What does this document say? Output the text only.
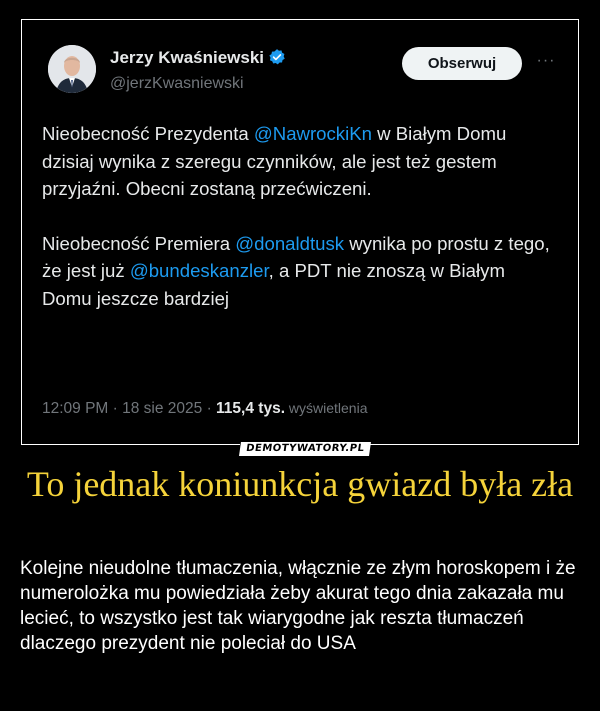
Jerzy Kwaśniewski
@jerzKwasniewski
Obserwuj	···

Nieobecność Prezydenta @NawrockiKn w Białym Domu dzisiaj wynika z szeregu czynników, ale jest też gestem przyjaźni. Obecni zostaną przećwiczeni.

Nieobecność Premiera @donaldtusk wynika po prostu z tego, że jest już @bundeskanzler, a PDT nie znoszą w Białym Domu jeszcze bardziej

12:09 PM · 18 sie 2025 · 115,4 tys. wyświetlenia
DEMOTYWATORY.PL
To jednak koniunkcja gwiazd była zła
Kolejne nieudolne tłumaczenia, włącznie ze złym horoskopem i że numerolożka mu powiedziała żeby akurat tego dnia zakazała mu lecieć, to wszystko jest tak wiarygodne jak reszta tłumaczeń dlaczego prezydent nie poleciał do USA
